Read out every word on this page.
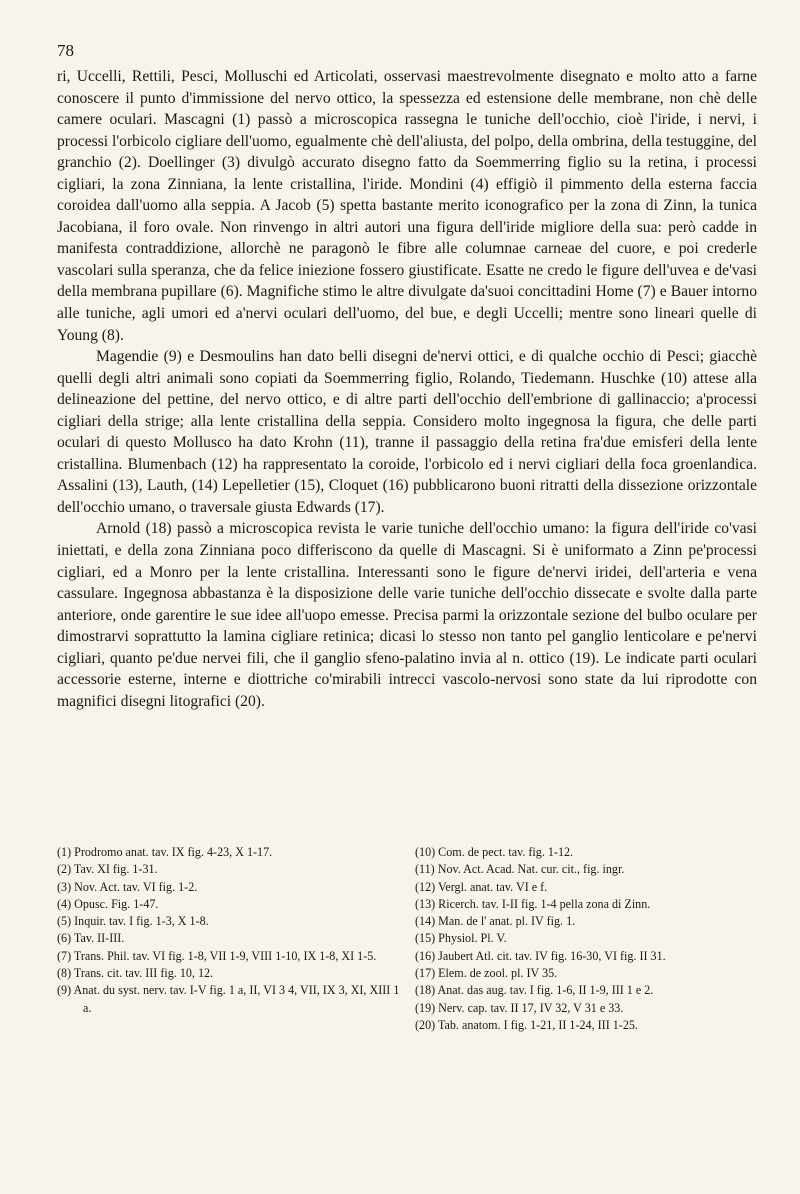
78

ri, Uccelli, Rettili, Pesci, Molluschi ed Articolati, osservasi maestrevolmente disegnato e molto atto a farne conoscere il punto d'immissione del nervo ottico, la spessezza ed estensione delle membrane, non chè delle camere oculari. Mascagni (1) passò a microscopica rassegna le tuniche dell'occhio, cioè l'iride, i nervi, i processi l'orbicolo cigliare dell'uomo, egualmente chè dell'aliusta, del polpo, della ombrina, della testuggine, del granchio (2). Doellinger (3) divulgò accurato disegno fatto da Soemmerring figlio su la retina, i processi cigliari, la zona Zinniana, la lente cristallina, l'iride. Mondini (4) effigiò il pimmento della esterna faccia coroidea dall'uomo alla seppia. A Jacob (5) spetta bastante merito iconografico per la zona di Zinn, la tunica Jacobiana, il foro ovale. Non rinvengo in altri autori una figura dell'iride migliore della sua: però cadde in manifesta contraddizione, allorchè ne paragonò le fibre alle columnae carneae del cuore, e poi crederle vascolari sulla speranza, che da felice iniezione fossero giustificate. Esatte ne credo le figure dell'uvea e de'vasi della membrana pupillare (6). Magnifiche stimo le altre divulgate da'suoi concittadini Home (7) e Bauer intorno alle tuniche, agli umori ed a'nervi oculari dell'uomo, del bue, e degli Uccelli; mentre sono lineari quelle di Young (8).

Magendie (9) e Desmoulins han dato belli disegni de'nervi ottici, e di qualche occhio di Pesci; giacchè quelli degli altri animali sono copiati da Soemmerring figlio, Rolando, Tiedemann. Huschke (10) attese alla delineazione del pettine, del nervo ottico, e di altre parti dell'occhio dell'embrione di gallinaccio; a'processi cigliari della strige; alla lente cristallina della seppia. Considero molto ingegnosa la figura, che delle parti oculari di questo Mollusco ha dato Krohn (11), tranne il passaggio della retina fra'due emisferi della lente cristallina. Blumenbach (12) ha rappresentato la coroide, l'orbicolo ed i nervi cigliari della foca groenlandica. Assalini (13), Lauth, (14) Lepelletier (15), Cloquet (16) pubblicarono buoni ritratti della dissezione orizzontale dell'occhio umano, o traversale giusta Edwards (17).

Arnold (18) passò a microscopica revista le varie tuniche dell'occhio umano: la figura dell'iride co'vasi iniettati, e della zona Zinniana poco differiscono da quelle di Mascagni. Si è uniformato a Zinn pe'processi cigliari, ed a Monro per la lente cristallina. Interessanti sono le figure de'nervi iridei, dell'arteria e vena cassulare. Ingegnosa abbastanza è la disposizione delle varie tuniche dell'occhio dissecate e svolte dalla parte anteriore, onde garentire le sue idee all'uopo emesse. Precisa parmi la orizzontale sezione del bulbo oculare per dimostrarvi soprattutto la lamina cigliare retinica; dicasi lo stesso non tanto pel ganglio lenticolare e pe'nervi cigliari, quanto pe'due nervei fili, che il ganglio sfeno-palatino invia al n. ottico (19). Le indicate parti oculari accessorie esterne, interne e diottriche co'mirabili intrecci vascolo-nervosi sono state da lui riprodotte con magnifici disegni litografici (20).

(1) Prodromo anat. tav. IX fig. 4-23, X 1-17.

(2) Tav. XI fig. 1-31.

(3) Nov. Act. tav. VI fig. 1-2.

(4) Opusc. Fig. 1-47.

(5) Inquir. tav. I fig. 1-3, X 1-8.

(6) Tav. II-III.

(7) Trans. Phil. tav. VI fig. 1-8, VII 1-9, VIII 1-10, IX 1-8, XI 1-5.

(8) Trans. cit. tav. III fig. 10, 12.

(9) Anat. du syst. nerv. tav. I-V fig. 1 a, II, VI 3 4, VII, IX 3, XI, XIII 1 a.

(10) Com. de pect. tav. fig. 1-12.

(11) Nov. Act. Acad. Nat. cur. cit., fig. ingr.

(12) Vergl. anat. tav. VI e f.

(13) Ricerch. tav. I-II fig. 1-4 pella zona di Zinn.

(14) Man. de l' anat. pl. IV fig. 1.

(15) Physiol. Pl. V.

(16) Jaubert Atl. cit. tav. IV fig. 16-30, VI fig. II 31.

(17) Elem. de zool. pl. IV 35.

(18) Anat. das aug. tav. I fig. 1-6, II 1-9, III 1 e 2.

(19) Nerv. cap. tav. II 17, IV 32, V 31 e 33.

(20) Tab. anatom. I fig. 1-21, II 1-24, III 1-25.
